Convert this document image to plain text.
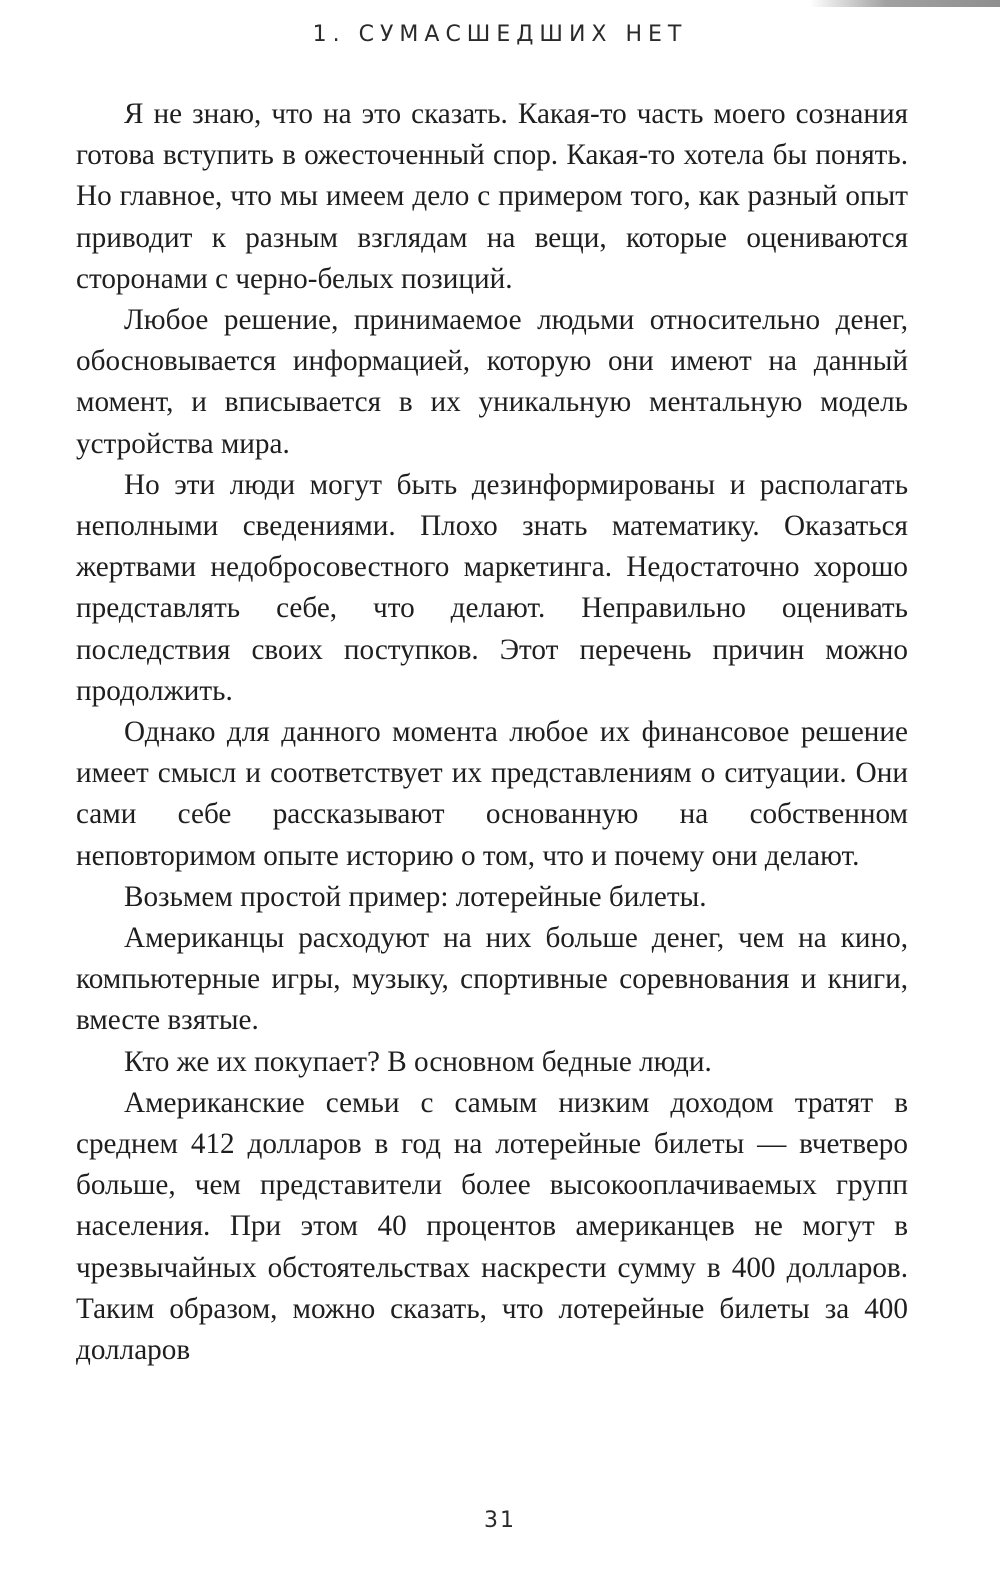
1. СУМАСШЕДШИХ НЕТ

Я не знаю, что на это сказать. Какая-то часть моего сознания готова вступить в ожесточенный спор. Какая-то хотела бы понять. Но главное, что мы имеем дело с примером того, как разный опыт приводит к разным взглядам на вещи, которые оцениваются сторонами с черно-белых позиций.

Любое решение, принимаемое людьми относительно денег, обосновывается информацией, которую они имеют на данный момент, и вписывается в их уникальную ментальную модель устройства мира.

Но эти люди могут быть дезинформированы и располагать неполными сведениями. Плохо знать математику. Оказаться жертвами недобросовестного маркетинга. Недостаточно хорошо представлять себе, что делают. Неправильно оценивать последствия своих поступков. Этот перечень причин можно продолжить.

Однако для данного момента любое их финансовое решение имеет смысл и соответствует их представлениям о ситуации. Они сами себе рассказывают основанную на собственном неповторимом опыте историю о том, что и почему они делают.

Возьмем простой пример: лотерейные билеты.

Американцы расходуют на них больше денег, чем на кино, компьютерные игры, музыку, спортивные соревнования и книги, вместе взятые.

Кто же их покупает? В основном бедные люди.

Американские семьи с самым низким доходом тратят в среднем 412 долларов в год на лотерейные билеты — вчетверо больше, чем представители более высокооплачиваемых групп населения. При этом 40 процентов американцев не могут в чрезвычайных обстоятельствах наскрести сумму в 400 долларов. Таким образом, можно сказать, что лотерейные билеты за 400 долларов

31
